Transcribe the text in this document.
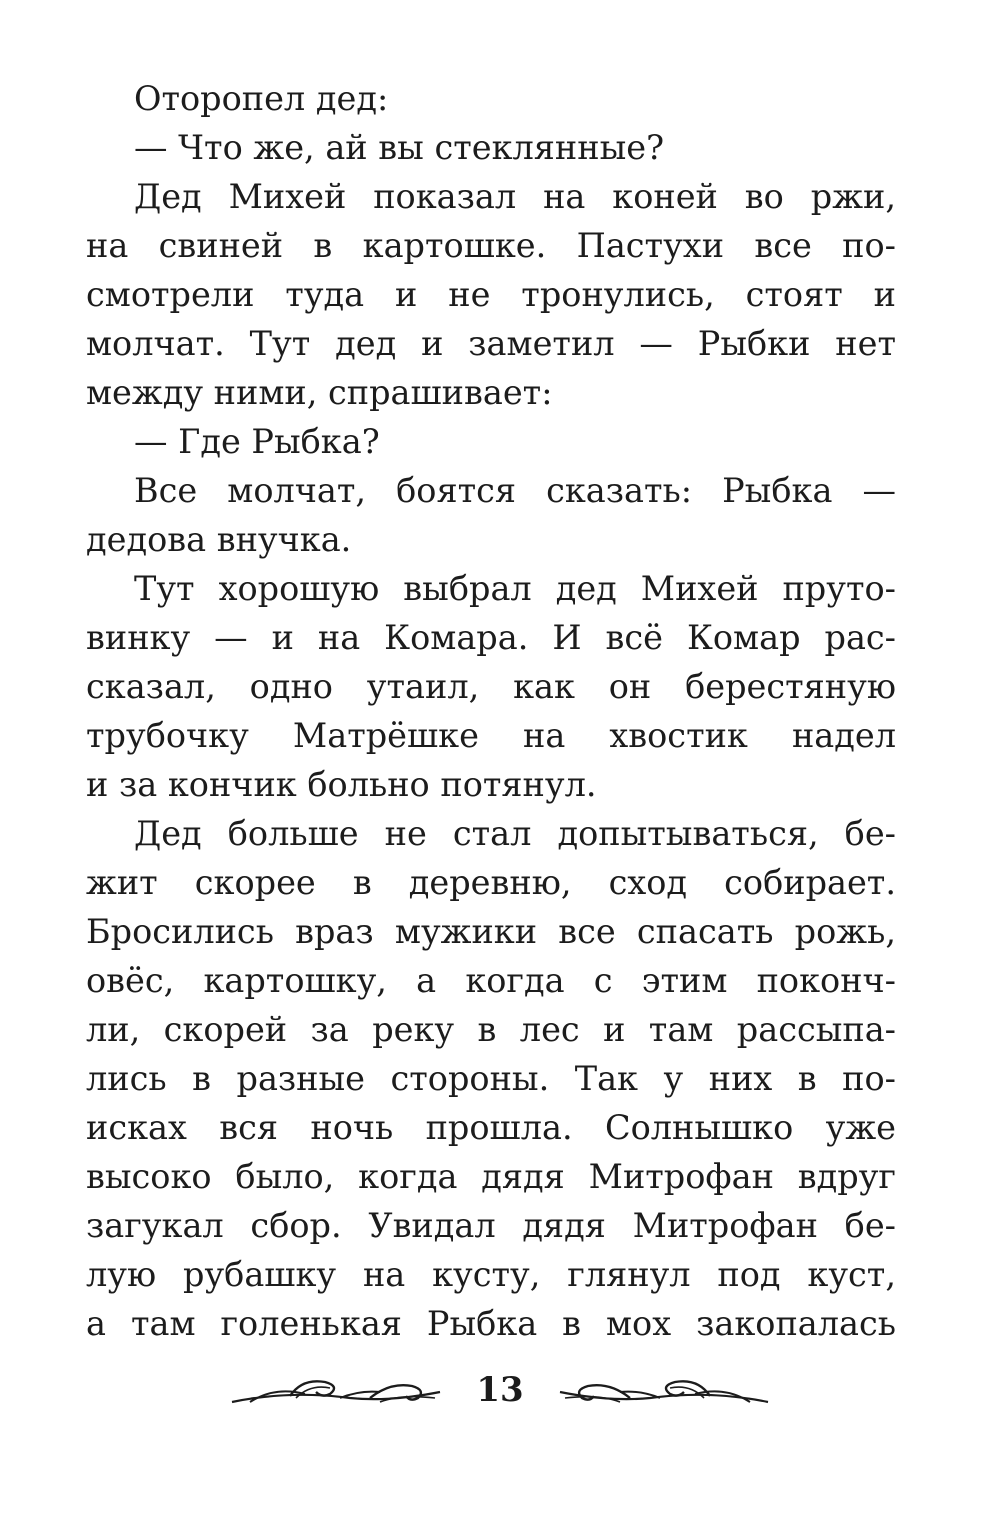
Оторопел дед:
— Что же, ай вы стеклянные?
Дед Михей показал на коней во ржи,
на свиней в картошке. Пастухи все по-
смотрели туда и не тронулись, стоят и
молчат. Тут дед и заметил — Рыбки нет
между ними, спрашивает:
— Где Рыбка?
Все молчат, боятся сказать: Рыбка —
дедова внучка.
Тут хорошую выбрал дед Михей пруто-
винку — и на Комара. И всё Комар рас-
сказал, одно утаил, как он берестяную
трубочку Матрёшке на хвостик надел
и за кончик больно потянул.
Дед больше не стал допытываться, бе-
жит скорее в деревню, сход собирает.
Бросились враз мужики все спасать рожь,
овёс, картошку, а когда с этим поконч-
ли, скорей за реку в лес и там рассыпа-
лись в разные стороны. Так у них в по-
исках вся ночь прошла. Солнышко уже
высоко было, когда дядя Митрофан вдруг
загукал сбор. Увидал дядя Митрофан бе-
лую рубашку на кусту, глянул под куст,
а там голенькая Рыбка в мох закопалась
13
